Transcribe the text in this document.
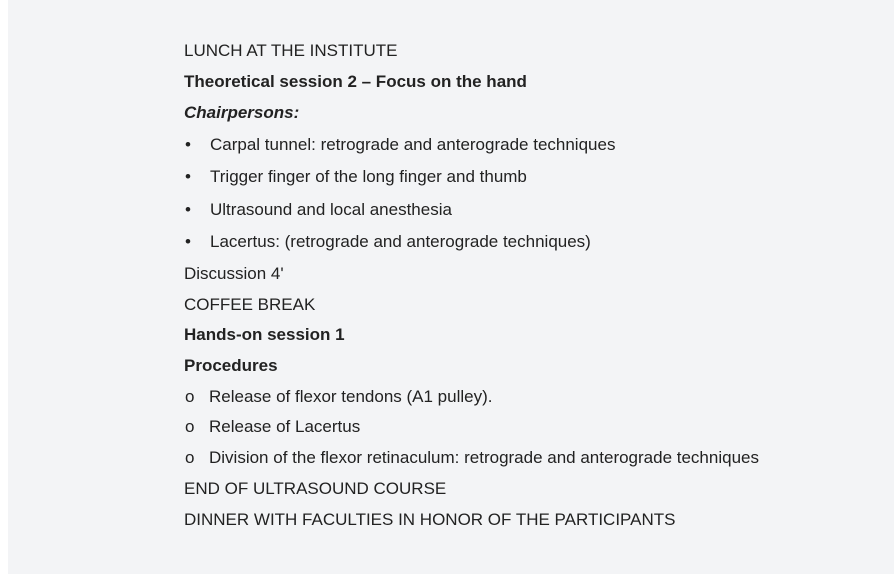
LUNCH AT THE INSTITUTE
Theoretical session 2 – Focus on the hand
Chairpersons:
•	Carpal tunnel: retrograde and anterograde techniques
•	Trigger finger of the long finger and thumb
•	Ultrasound and local anesthesia
•	Lacertus: (retrograde and anterograde techniques)
Discussion 4'
COFFEE BREAK
Hands-on session 1
Procedures
o Release of flexor tendons (A1 pulley).
o Release of Lacertus
o Division of the flexor retinaculum: retrograde and anterograde techniques
END OF ULTRASOUND COURSE
DINNER WITH FACULTIES IN HONOR OF THE PARTICIPANTS
